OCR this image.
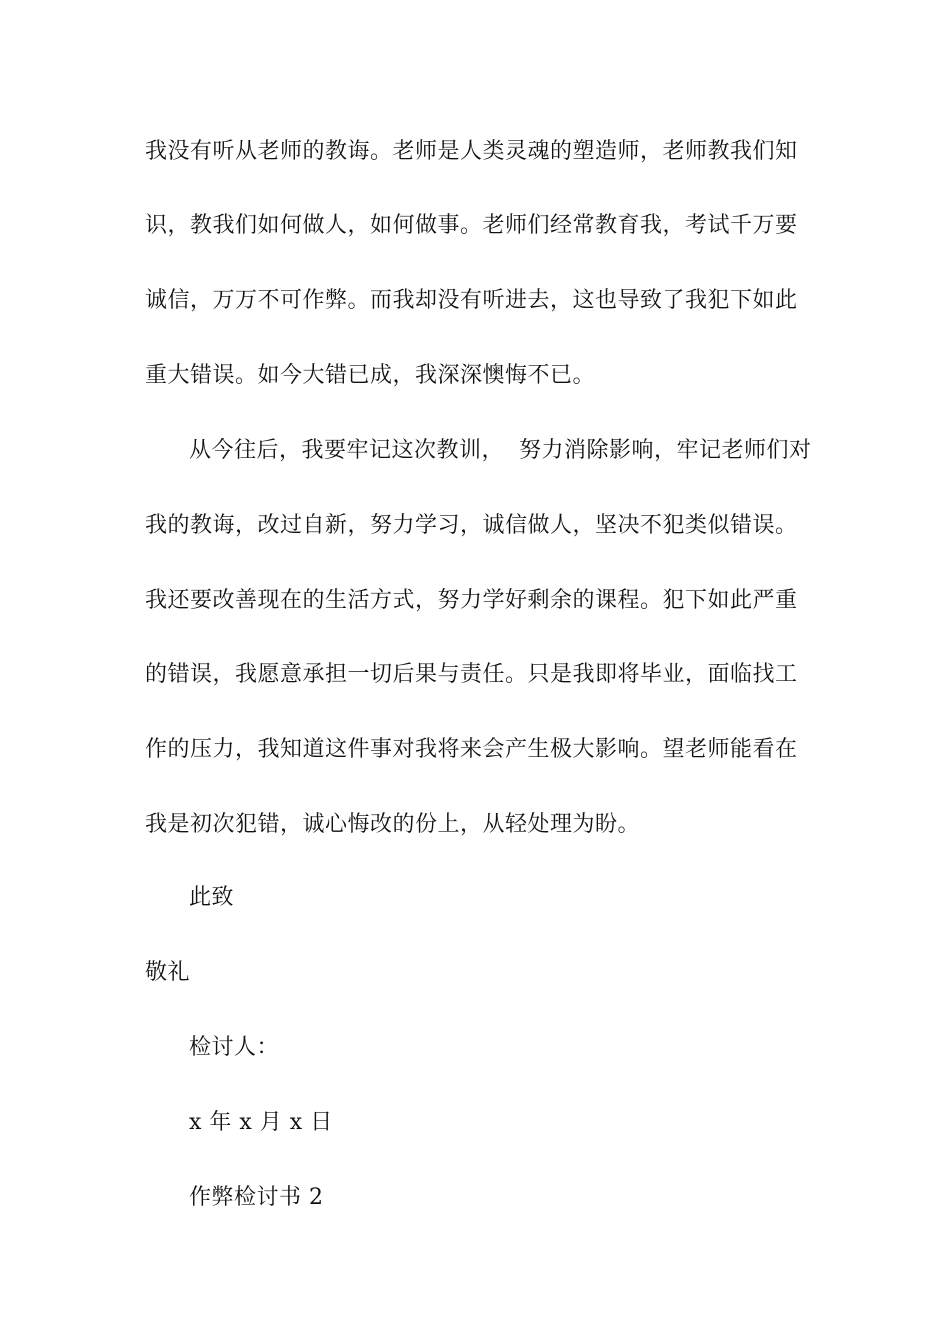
我没有听从老师的教诲。老师是人类灵魂的塑造师，老师教我们知
识，教我们如何做人，如何做事。老师们经常教育我，考试千万要
诚信，万万不可作弊。而我却没有听进去，这也导致了我犯下如此
重大错误。如今大错已成，我深深懊悔不已。
从今往后，我要牢记这次教训，  努力消除影响，牢记老师们对
我的教诲，改过自新，努力学习，诚信做人，坚决不犯类似错误。
我还要改善现在的生活方式，努力学好剩余的课程。犯下如此严重
的错误，我愿意承担一切后果与责任。只是我即将毕业，面临找工
作的压力，我知道这件事对我将来会产生极大影响。望老师能看在
我是初次犯错，诚心悔改的份上，从轻处理为盼。
此致
敬礼
检讨人：
x 年 x 月 x 日
作弊检讨书 2
